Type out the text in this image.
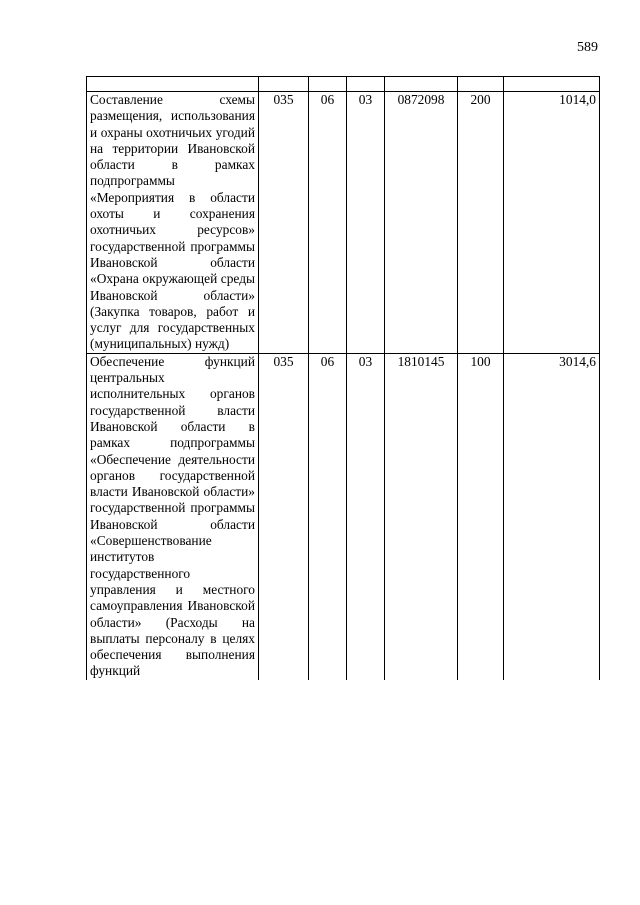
589

Составление схемы размещения, использования и охраны охотничьих угодий на территории Ивановской области в рамках подпрограммы «Мероприятия в области охоты и сохранения охотничьих ресурсов» государственной программы Ивановской области «Охрана окружающей среды Ивановской области» (Закупка товаров, работ и услуг для государственных (муниципальных) нужд)	035	06	03	0872098	200	1014,0
Обеспечение функций центральных исполнительных органов государственной власти Ивановской области в рамках подпрограммы «Обеспечение деятельности органов государственной власти Ивановской области» государственной программы Ивановской области «Совершенствование институтов государственного управления и местного самоуправления Ивановской области» (Расходы на выплаты персоналу в целях обеспечения выполнения функций	035	06	03	1810145	100	3014,6
